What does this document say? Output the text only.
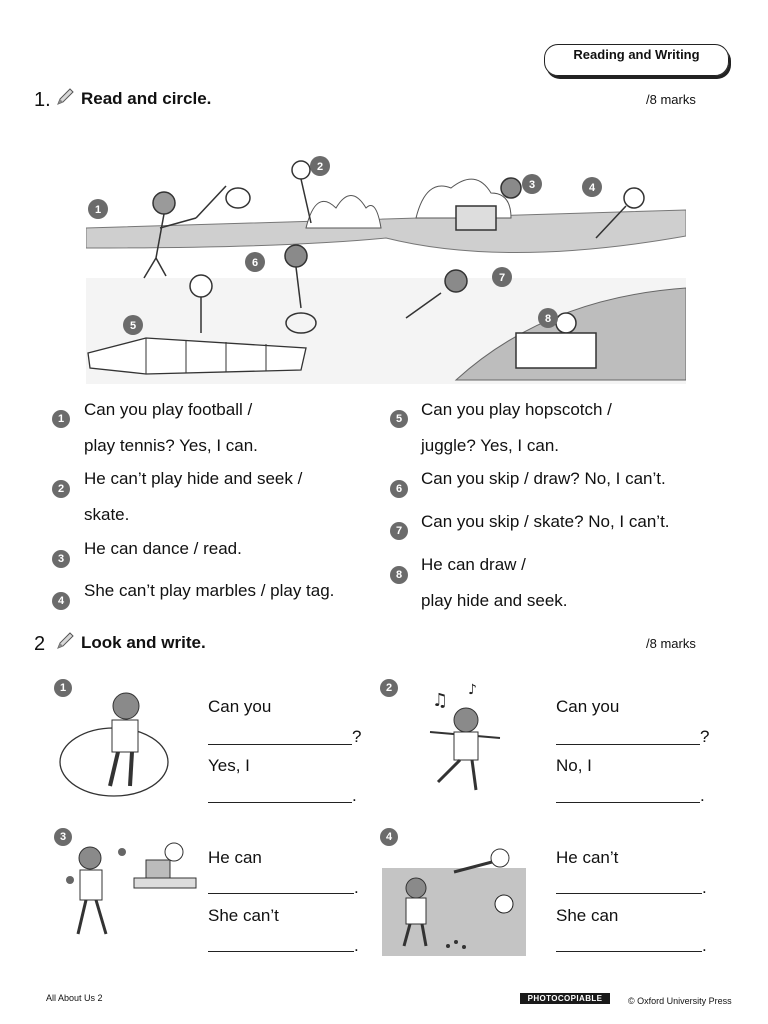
Reading and Writing
1. Read and circle.	/8 marks
1
2
3	4
5
6
7
8
1	Can you play football /
play tennis? Yes, I can.
2
He can’t play hide and seek /
skate.
3
He can dance / read.
4
She can’t play marbles / play tag.
5	Can you play hopscotch /
juggle? Yes, I can.
6
Can you skip / draw? No, I can’t.
7	Can you skip / skate? No, I can’t.
8
He can draw /
play hide and seek.
2 Look and write.	/8 marks
1
Can you
?
Yes, I
.
2
♫ ♪
Can you
?
No, I
.
3
He can
.
She can’t
.
4
He can’t
.
She can
.
All About Us 2	PHOTOCOPIABLE	© Oxford University Press
